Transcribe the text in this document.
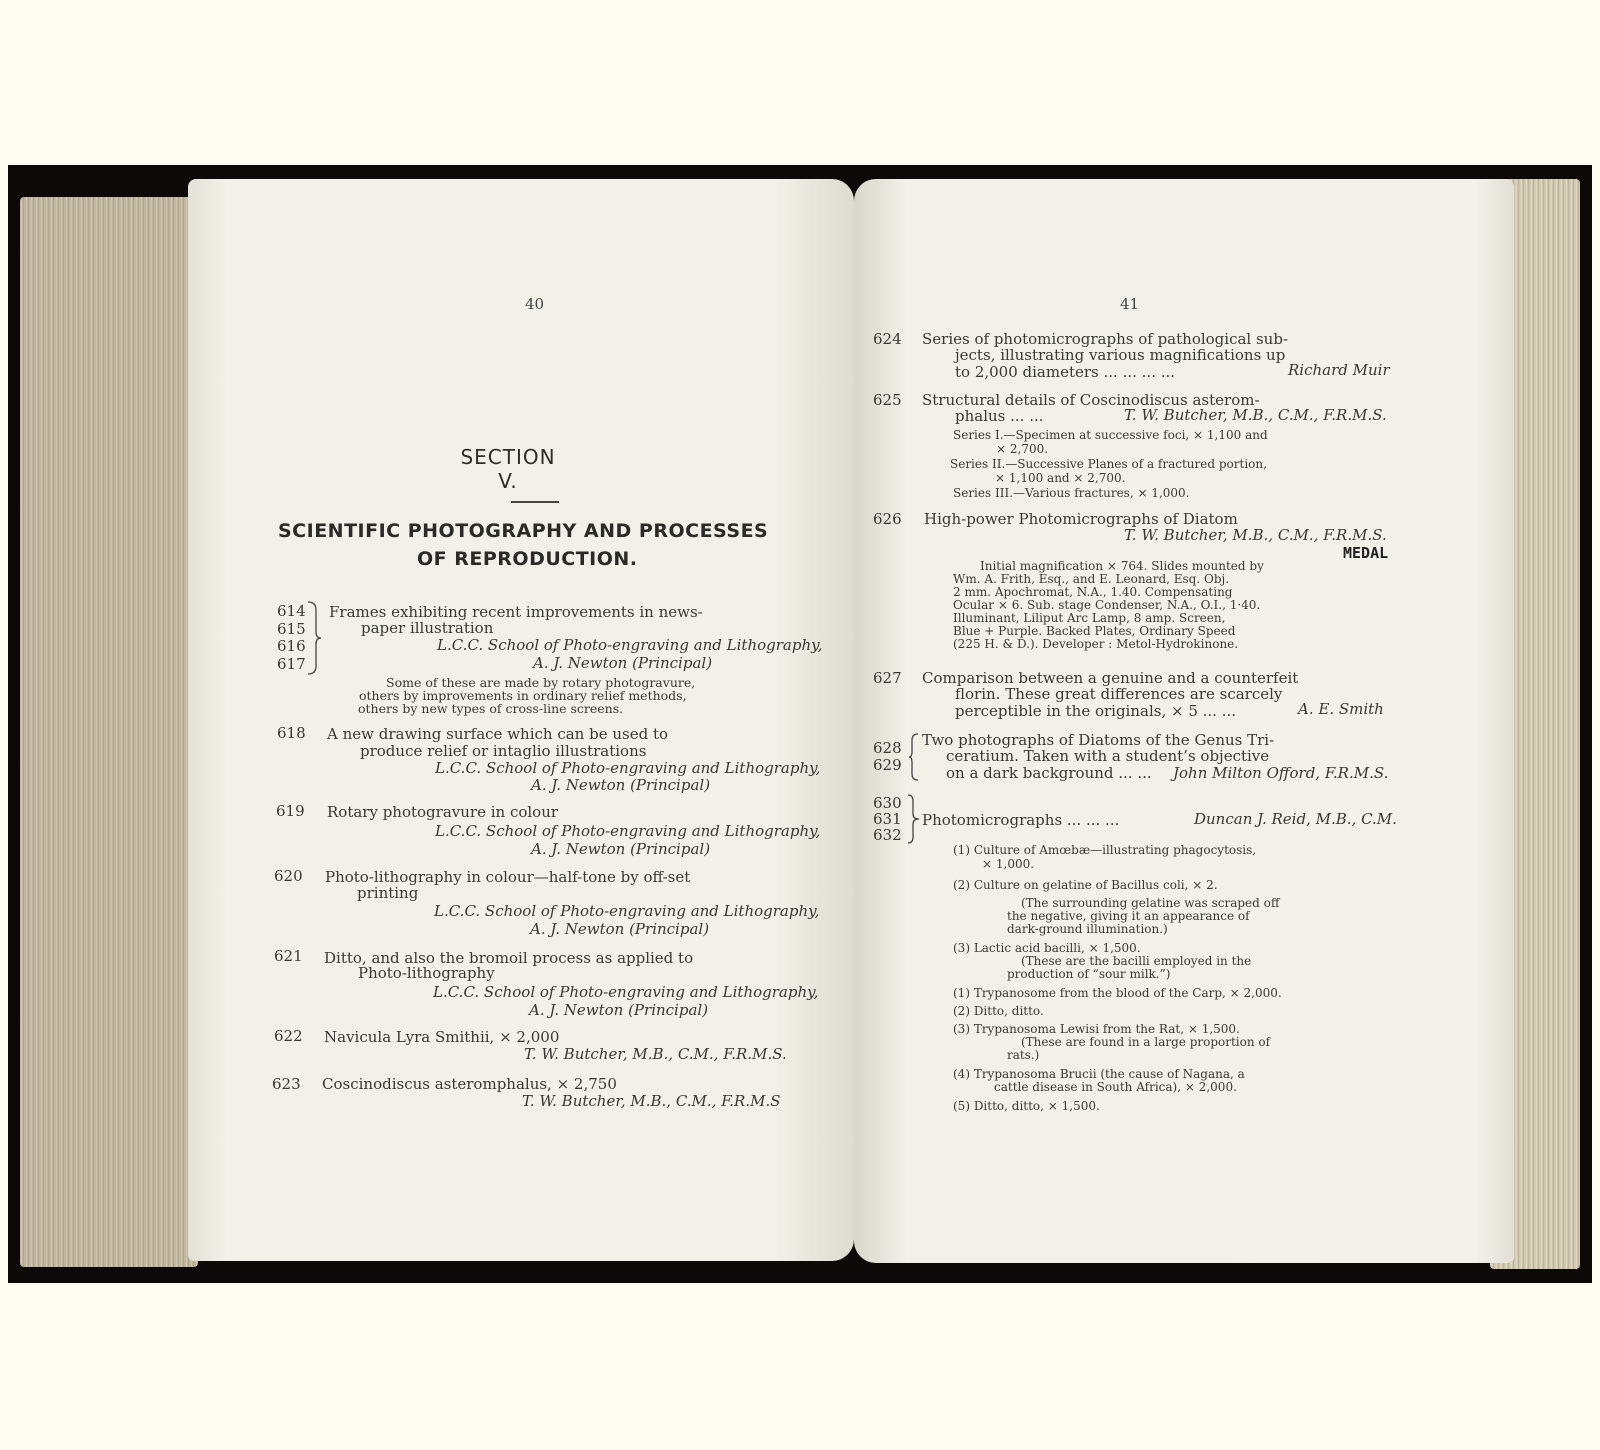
40
SECTION V.
SCIENTIFIC PHOTOGRAPHY AND PROCESSES
OF REPRODUCTION.
614
615
616
617
Frames exhibiting recent improvements in news-
paper illustration
L.C.C. School of Photo-engraving and Lithography,
A. J. Newton (Principal)
Some of these are made by rotary photogravure,
others by improvements in ordinary relief methods,
others by new types of cross-line screens.
618 A new drawing surface which can be used to
produce relief or intaglio illustrations
L.C.C. School of Photo-engraving and Lithography,
A. J. Newton (Principal)
619 Rotary photogravure in colour
L.C.C. School of Photo-engraving and Lithography,
A. J. Newton (Principal)
620 Photo-lithography in colour—half-tone by off-set
printing
L.C.C. School of Photo-engraving and Lithography,
A. J. Newton (Principal)
621 Ditto, and also the bromoil process as applied to
Photo-lithography
L.C.C. School of Photo-engraving and Lithography,
A. J. Newton (Principal)
622 Navicula Lyra Smithii, × 2,000
T. W. Butcher, M.B., C.M., F.R.M.S.
623 Coscinodiscus asteromphalus, × 2,750
T. W. Butcher, M.B., C.M., F.R.M.S
41
624 Series of photomicrographs of pathological sub-
jects, illustrating various magnifications up
to 2,000 diameters ... ... ... ...	Richard Muir
625 Structural details of Coscinodiscus asterom-
phalus ... ...	T. W. Butcher, M.B., C.M., F.R.M.S.
Series I.—Specimen at successive foci, × 1,100 and
× 2,700.
Series II.—Successive Planes of a fractured portion,
× 1,100 and × 2,700.
Series III.—Various fractures, × 1,000.
626 High-power Photomicrographs of Diatom
T. W. Butcher, M.B., C.M., F.R.M.S.
MEDAL
Initial magnification × 764. Slides mounted by
Wm. A. Frith, Esq., and E. Leonard, Esq. Obj.
2 mm. Apochromat, N.A., 1.40. Compensating
Ocular × 6. Sub. stage Condenser, N.A., O.I., 1·40.
Illuminant, Liliput Arc Lamp, 8 amp. Screen,
Blue + Purple. Backed Plates, Ordinary Speed
(225 H. & D.). Developer : Metol-Hydrokinone.
627 Comparison between a genuine and a counterfeit
florin. These great differences are scarcely
perceptible in the originals, × 5 ... ...	A. E. Smith
628
629
Two photographs of Diatoms of the Genus Tri-
ceratium. Taken with a student’s objective
on a dark background ... ... John Milton Offord, F.R.M.S.
630
631
632
Photomicrographs ... ... ...	Duncan J. Reid, M.B., C.M.
(1) Culture of Amœbæ—illustrating phagocytosis,
× 1,000.
(2) Culture on gelatine of Bacillus coli, × 2.
(The surrounding gelatine was scraped off
the negative, giving it an appearance of
dark-ground illumination.)
(3) Lactic acid bacilli, × 1,500.
(These are the bacilli employed in the
production of “sour milk.”)
(1) Trypanosome from the blood of the Carp, × 2,000.
(2) Ditto, ditto.
(3) Trypanosoma Lewisi from the Rat, × 1,500.
(These are found in a large proportion of
rats.)
(4) Trypanosoma Brucii (the cause of Nagana, a
cattle disease in South Africa), × 2,000.
(5) Ditto, ditto, × 1,500.
